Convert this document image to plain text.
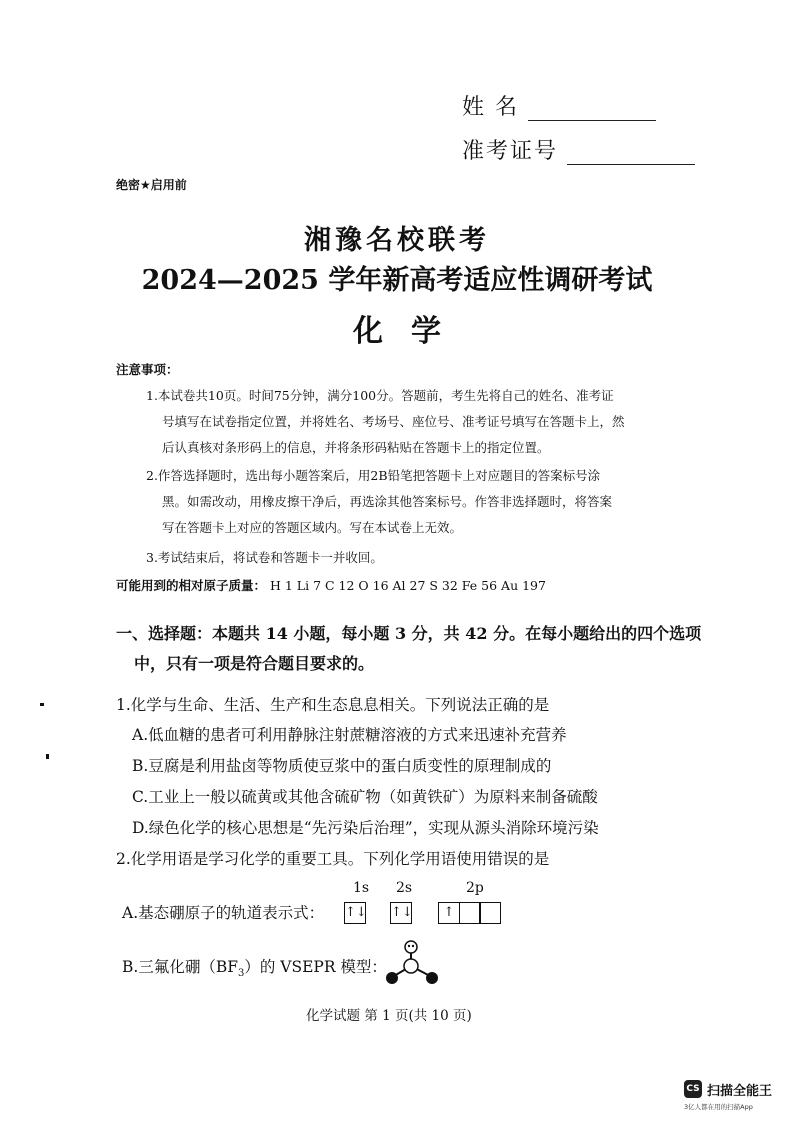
姓 名
准考证号
绝密★启用前
湘豫名校联考
2024—2025 学年新高考适应性调研考试
化学
注意事项：
1.本试卷共10页。时间75分钟，满分100分。答题前，考生先将自己的姓名、准考证
号填写在试卷指定位置，并将姓名、考场号、座位号、准考证号填写在答题卡上，然
后认真核对条形码上的信息，并将条形码粘贴在答题卡上的指定位置。
2.作答选择题时，选出每小题答案后，用2B铅笔把答题卡上对应题目的答案标号涂
黑。如需改动，用橡皮擦干净后，再选涂其他答案标号。作答非选择题时，将答案
写在答题卡上对应的答题区域内。写在本试卷上无效。
3.考试结束后，将试卷和答题卡一并收回。
可能用到的相对原子质量： H 1 Li 7 C 12 O 16 Al 27 S 32 Fe 56 Au 197
一、选择题：本题共 14 小题，每小题 3 分，共 42 分。在每小题给出的四个选项
中，只有一项是符合题目要求的。
1.化学与生命、生活、生产和生态息息相关。下列说法正确的是
A.低血糖的患者可利用静脉注射蔗糖溶液的方式来迅速补充营养
B.豆腐是利用盐卤等物质使豆浆中的蛋白质变性的原理制成的
C.工业上一般以硫黄或其他含硫矿物（如黄铁矿）为原料来制备硫酸
D.绿色化学的核心思想是“先污染后治理”，实现从源头消除环境污染
2.化学用语是学习化学的重要工具。下列化学用语使用错误的是
1s 2s	2p
A.基态硼原子的轨道表示式： ↑↓ ↑↓	↑
B.三氟化硼$(BF_3)$的 VSEPR 模型：
化学试题 第 1 页(共 10 页)
CS 扫描全能王
3亿人都在用的扫描App
